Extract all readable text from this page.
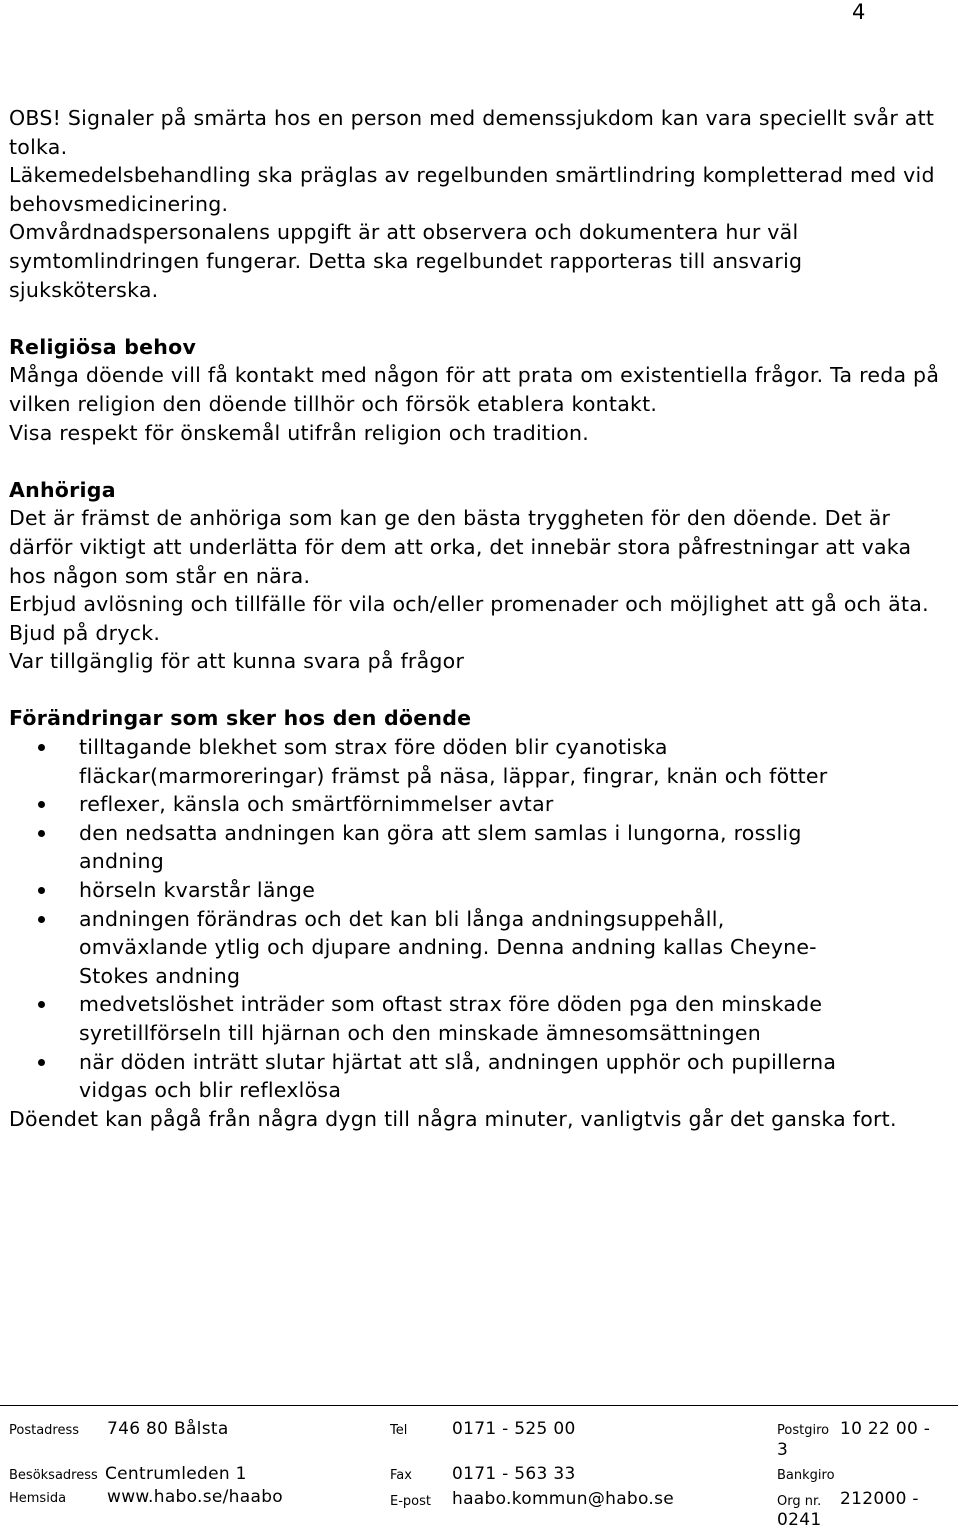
4

OBS! Signaler på smärta hos en person med demenssjukdom kan vara speciellt svår att tolka.

Läkemedelsbehandling ska präglas av regelbunden smärtlindring kompletterad med vid behovsmedicinering.

Omvårdnadspersonalens uppgift är att observera och dokumentera hur väl symtomlindringen fungerar. Detta ska regelbundet rapporteras till ansvarig sjuksköterska.

Religiösa behov

Många döende vill få kontakt med någon för att prata om existentiella frågor. Ta reda på vilken religion den döende tillhör och försök etablera kontakt.

Visa respekt för önskemål utifrån religion och tradition.

Anhöriga

Det är främst de anhöriga som kan ge den bästa tryggheten för den döende. Det är därför viktigt att underlätta för dem att orka, det innebär stora påfrestningar att vaka hos någon som står en nära.

Erbjud avlösning och tillfälle för vila och/eller promenader och möjlighet att gå och äta. Bjud på dryck.

Var tillgänglig för att kunna svara på frågor

Förändringar som sker hos den döende

tilltagande blekhet som strax före döden blir cyanotiska fläckar(marmoreringar) främst på näsa, läppar, fingrar, knän och fötter
reflexer, känsla och smärtförnimmelser avtar
den nedsatta andningen kan göra att slem samlas i lungorna, rosslig andning
hörseln kvarstår länge
andningen förändras och det kan bli långa andningsuppehåll, omväxlande ytlig och djupare andning. Denna andning kallas Cheyne-Stokes andning
medvetslöshet inträder som oftast strax före döden pga den minskade syretillförseln till hjärnan och den minskade ämnesomsättningen
när döden inträtt slutar hjärtat att slå, andningen upphör och pupillerna vidgas och blir reflexlösa

Döendet kan pågå från några dygn till några minuter, vanligtvis går det ganska fort.

Postadress 746 80 Bålsta
Besöksadress Centrumleden 1
Hemsida www.habo.se/haabo
Tel	0171 - 525 00
Fax 0171 - 563 33
E-post haabo.kommun@habo.se
Postgiro 10 22 00 -
3
Bankgiro
Org nr. 212000 -
0241
